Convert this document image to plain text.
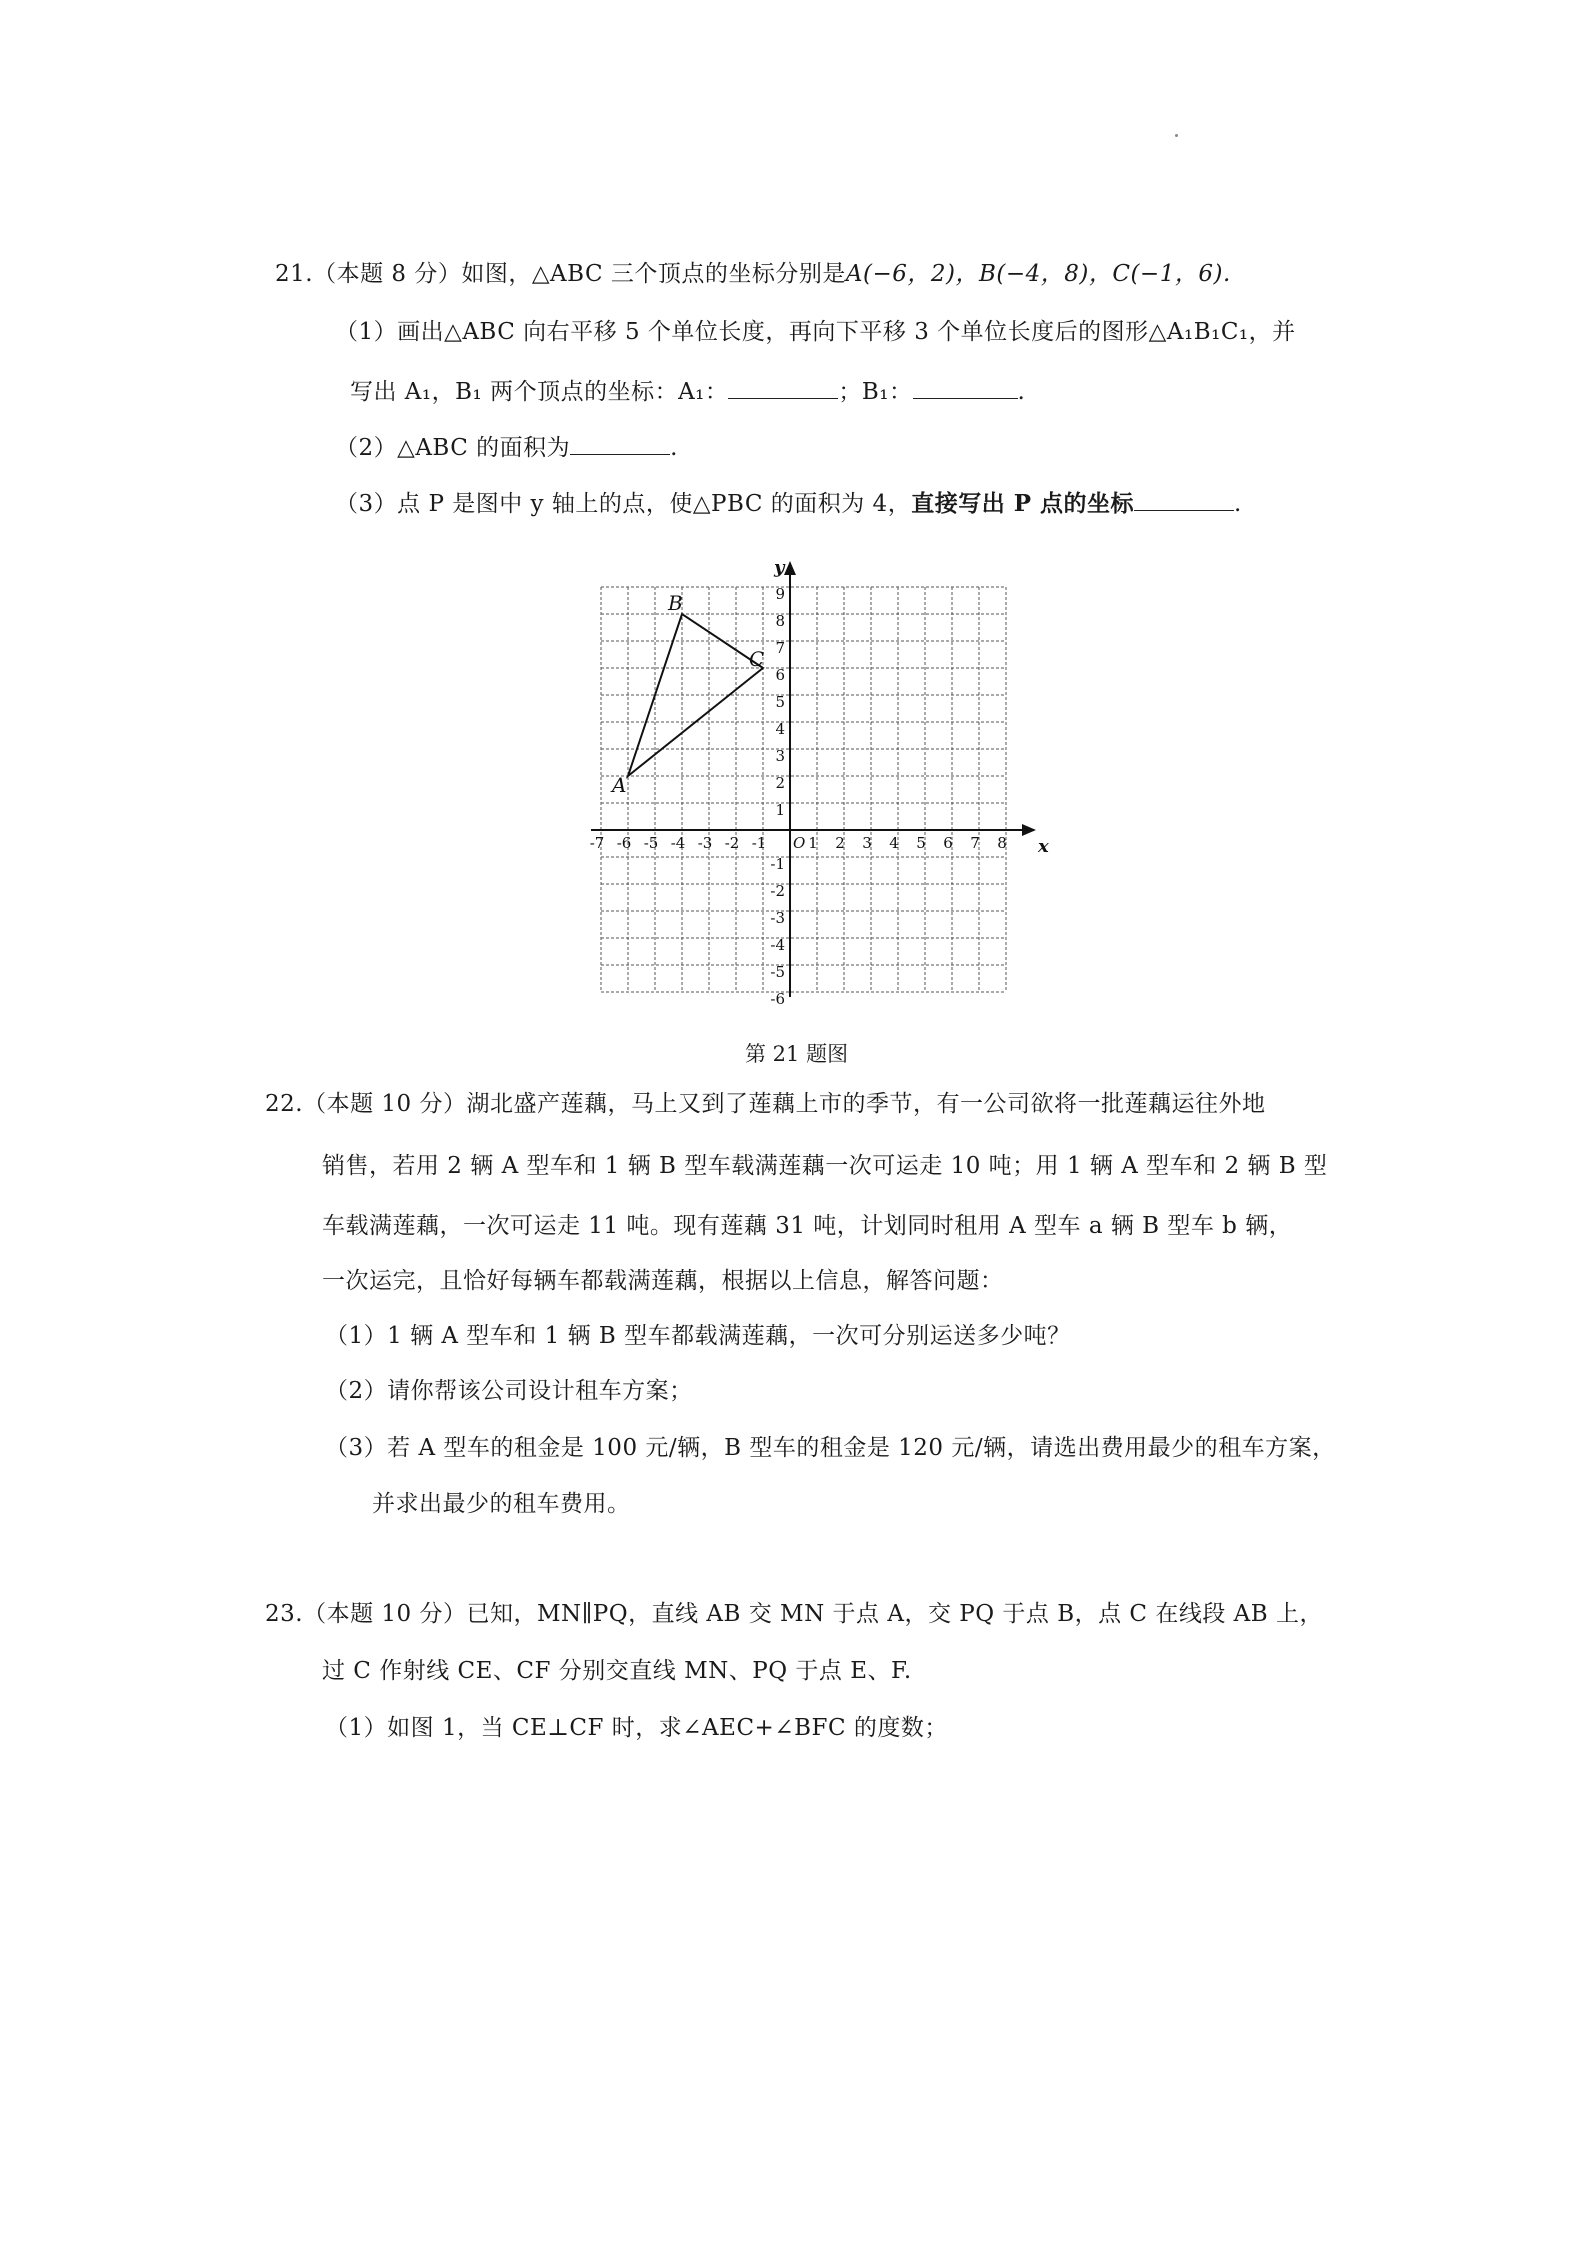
21.（本题 8 分）如图，△ABC 三个顶点的坐标分别是A(−6，2)，B(−4，8)，C(−1，6).
（1）画出△ABC 向右平移 5 个单位长度，再向下平移 3 个单位长度后的图形△A₁B₁C₁，并
写出 A₁，B₁ 两个顶点的坐标：A₁：	；B₁：	.
（2）△ABC 的面积为	.
（3）点 P 是图中 y 轴上的点，使△PBC 的面积为 4，直接写出 P 点的坐标	.
-7 -6 -5 -4 -3 -2 -1	1 2 3 4 5 6 7 8
9
8
7
6
5
4
3
2
1
-1
-2
-3
-4
-5
-6
O	x
y
A
B
C
第 21 题图
22.（本题 10 分）湖北盛产莲藕，马上又到了莲藕上市的季节，有一公司欲将一批莲藕运往外地
销售，若用 2 辆 A 型车和 1 辆 B 型车载满莲藕一次可运走 10 吨；用 1 辆 A 型车和 2 辆 B 型
车载满莲藕，一次可运走 11 吨。现有莲藕 31 吨，计划同时租用 A 型车 a 辆 B 型车 b 辆，
一次运完，且恰好每辆车都载满莲藕，根据以上信息，解答问题：
（1）1 辆 A 型车和 1 辆 B 型车都载满莲藕，一次可分别运送多少吨？
（2）请你帮该公司设计租车方案；
（3）若 A 型车的租金是 100 元/辆，B 型车的租金是 120 元/辆，请选出费用最少的租车方案，
并求出最少的租车费用。
23.（本题 10 分）已知，MN∥PQ，直线 AB 交 MN 于点 A，交 PQ 于点 B，点 C 在线段 AB 上，
过 C 作射线 CE、CF 分别交直线 MN、PQ 于点 E、F.
（1）如图 1，当 CE⊥CF 时，求∠AEC+∠BFC 的度数；
